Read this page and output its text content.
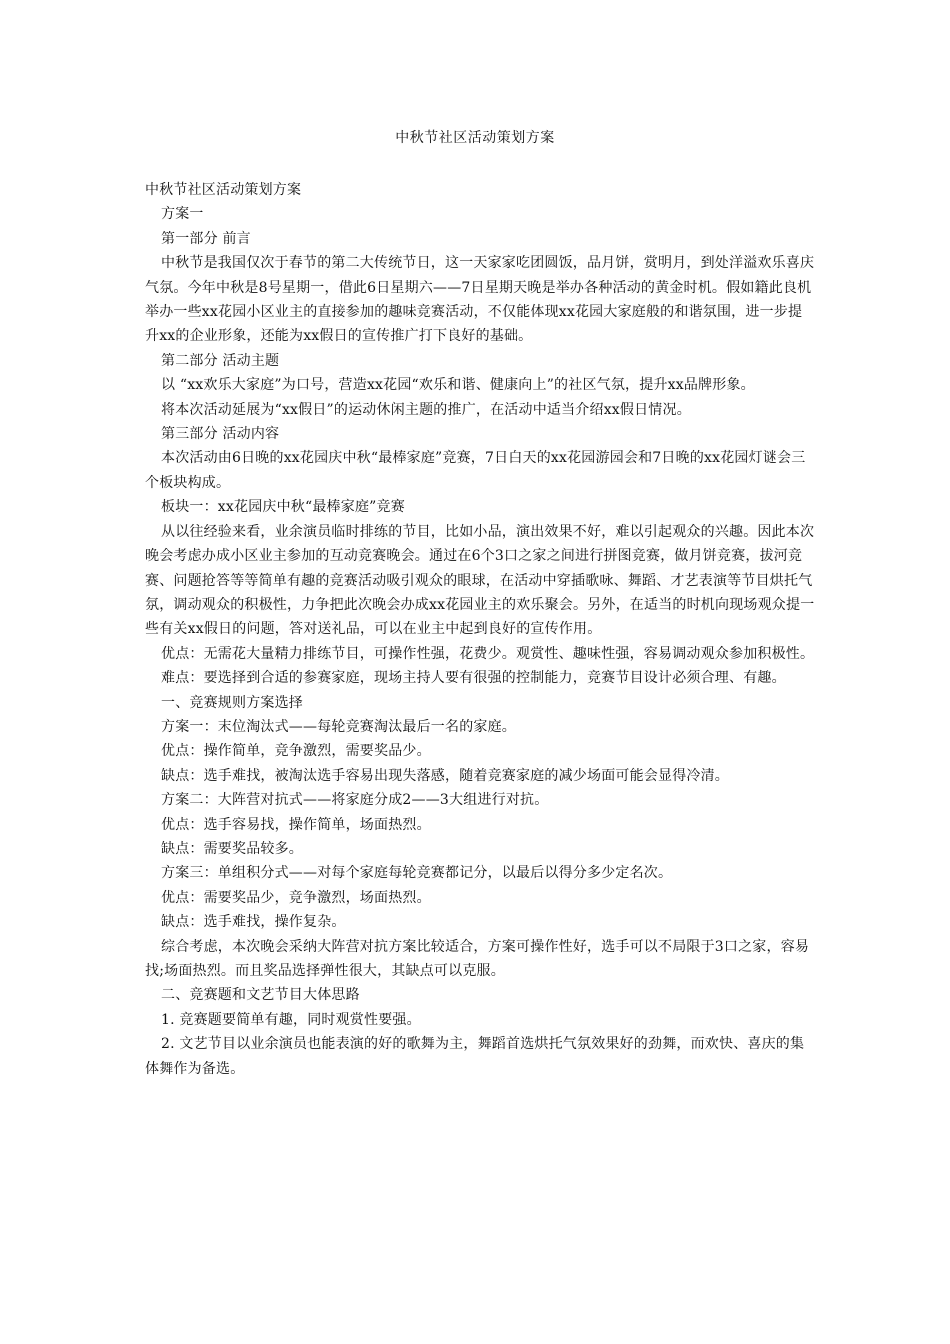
中秋节社区活动策划方案

中秋节社区活动策划方案

方案一

第一部分 前言

中秋节是我国仅次于春节的第二大传统节日，这一天家家吃团圆饭，品月饼，赏明月，到处洋溢欢乐喜庆气氛。今年中秋是8号星期一，借此6日星期六——7日星期天晚是举办各种活动的黄金时机。假如籍此良机举办一些xx花园小区业主的直接参加的趣味竞赛活动，不仅能体现xx花园大家庭般的和谐氛围，进一步提升xx的企业形象，还能为xx假日的宣传推广打下良好的基础。

第二部分 活动主题

以 “xx欢乐大家庭”为口号，营造xx花园“欢乐和谐、健康向上”的社区气氛，提升xx品牌形象。

将本次活动延展为“xx假日”的运动休闲主题的推广，在活动中适当介绍xx假日情况。

第三部分 活动内容

本次活动由6日晚的xx花园庆中秋“最棒家庭”竞赛，7日白天的xx花园游园会和7日晚的xx花园灯谜会三个板块构成。

板块一：xx花园庆中秋“最棒家庭”竞赛

从以往经验来看，业余演员临时排练的节目，比如小品，演出效果不好，难以引起观众的兴趣。因此本次晚会考虑办成小区业主参加的互动竞赛晚会。通过在6个3口之家之间进行拼图竞赛，做月饼竞赛，拔河竞赛、问题抢答等等简单有趣的竞赛活动吸引观众的眼球，在活动中穿插歌咏、舞蹈、才艺表演等节目烘托气氛，调动观众的积极性，力争把此次晚会办成xx花园业主的欢乐聚会。另外，在适当的时机向现场观众提一些有关xx假日的问题，答对送礼品，可以在业主中起到良好的宣传作用。

优点：无需花大量精力排练节目，可操作性强，花费少。观赏性、趣味性强，容易调动观众参加积极性。

难点：要选择到合适的参赛家庭，现场主持人要有很强的控制能力，竞赛节目设计必须合理、有趣。

一、竞赛规则方案选择

方案一：末位淘汰式——每轮竞赛淘汰最后一名的家庭。

优点：操作简单，竞争激烈，需要奖品少。

缺点：选手难找，被淘汰选手容易出现失落感，随着竞赛家庭的减少场面可能会显得冷清。

方案二：大阵营对抗式——将家庭分成2——3大组进行对抗。

优点：选手容易找，操作简单，场面热烈。

缺点：需要奖品较多。

方案三：单组积分式——对每个家庭每轮竞赛都记分，以最后以得分多少定名次。

优点：需要奖品少，竞争激烈，场面热烈。

缺点：选手难找，操作复杂。

综合考虑，本次晚会采纳大阵营对抗方案比较适合，方案可操作性好，选手可以不局限于3口之家，容易找;场面热烈。而且奖品选择弹性很大，其缺点可以克服。

二、竞赛题和文艺节目大体思路

1. 竞赛题要简单有趣，同时观赏性要强。

2. 文艺节目以业余演员也能表演的好的歌舞为主，舞蹈首选烘托气氛效果好的劲舞，而欢快、喜庆的集体舞作为备选。
